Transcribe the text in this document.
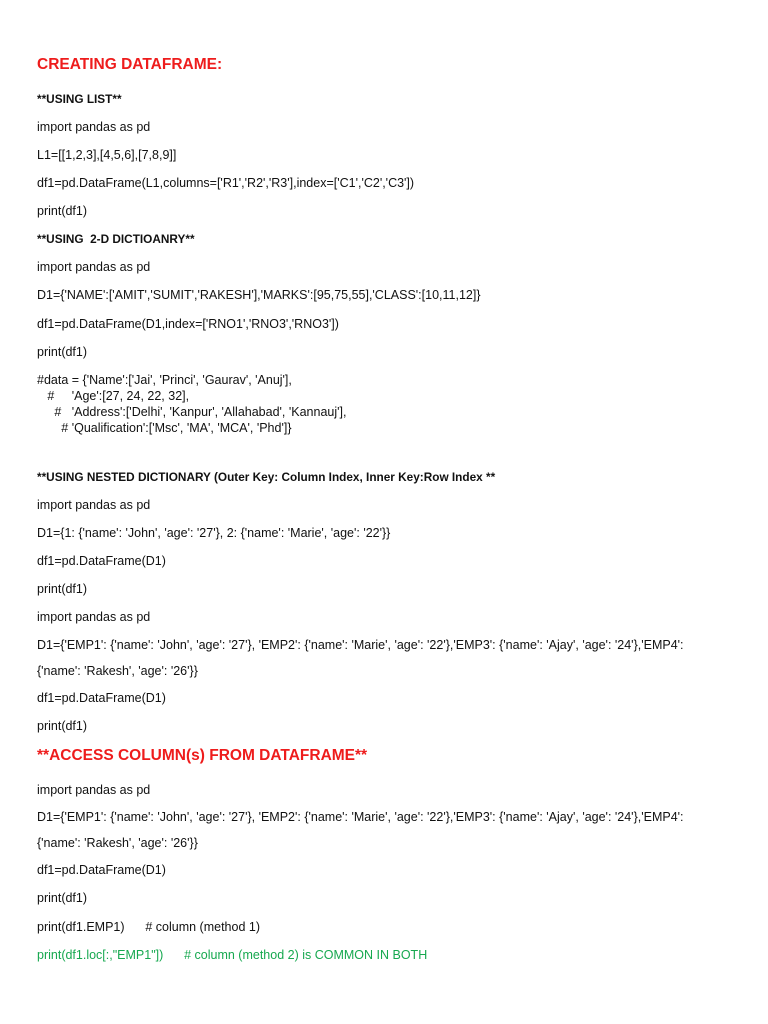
CREATING DATAFRAME:

**USING LIST**

import pandas as pd

L1=[[1,2,3],[4,5,6],[7,8,9]]

df1=pd.DataFrame(L1,columns=['R1','R2','R3'],index=['C1','C2','C3'])

print(df1)

**USING  2-D DICTIOANRY**

import pandas as pd

D1={'NAME':['AMIT','SUMIT','RAKESH'],'MARKS':[95,75,55],'CLASS':[10,11,12]}

df1=pd.DataFrame(D1,index=['RNO1','RNO3','RNO3'])

print(df1)

#data = {'Name':['Jai', 'Princi', 'Gaurav', 'Anuj'],

#     'Age':[27, 24, 22, 32],

#   'Address':['Delhi', 'Kanpur', 'Allahabad', 'Kannauj'],

# 'Qualification':['Msc', 'MA', 'MCA', 'Phd']}

**USING NESTED DICTIONARY (Outer Key: Column Index, Inner Key:Row Index **

import pandas as pd

D1={1: {'name': 'John', 'age': '27'}, 2: {'name': 'Marie', 'age': '22'}}

df1=pd.DataFrame(D1)

print(df1)

import pandas as pd

D1={'EMP1': {'name': 'John', 'age': '27'}, 'EMP2': {'name': 'Marie', 'age': '22'},'EMP3': {'name': 'Ajay', 'age': '24'},'EMP4': {'name': 'Rakesh', 'age': '26'}}

df1=pd.DataFrame(D1)

print(df1)

**ACCESS COLUMN(s) FROM DATAFRAME**

import pandas as pd

D1={'EMP1': {'name': 'John', 'age': '27'}, 'EMP2': {'name': 'Marie', 'age': '22'},'EMP3': {'name': 'Ajay', 'age': '24'},'EMP4': {'name': 'Rakesh', 'age': '26'}}

df1=pd.DataFrame(D1)

print(df1)

print(df1.EMP1)      # column (method 1)

print(df1.loc[:,"EMP1"])      # column (method 2) is COMMON IN BOTH
